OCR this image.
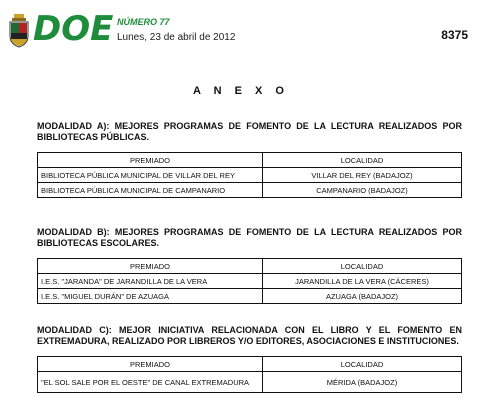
DOE NÚMERO 77
Lunes, 23 de abril de 2012	8375
A N E X O
MODALIDAD A): MEJORES PROGRAMAS DE FOMENTO DE LA LECTURA REALIZADOS POR BIBLIOTECAS PÚBLICAS.
PREMIADO	LOCALIDAD
BIBLIOTECA PÚBLICA MUNICIPAL DE VILLAR DEL REY	VILLAR DEL REY (BADAJOZ)
BIBLIOTECA PÚBLICA MUNICIPAL DE CAMPANARIO	CAMPANARIO (BADAJOZ)
MODALIDAD B): MEJORES PROGRAMAS DE FOMENTO DE LA LECTURA REALIZADOS POR BIBLIOTECAS ESCOLARES.
PREMIADO	LOCALIDAD
I.E.S. "JARANDA" DE JARANDILLA DE LA VERA	JARANDILLA DE LA VERA (CÁCERES)
I.E.S. "MIGUEL DURÁN" DE AZUAGA	AZUAGA (BADAJOZ)
MODALIDAD C): MEJOR INICIATIVA RELACIONADA CON EL LIBRO Y EL FOMENTO EN EXTREMADURA, REALIZADO POR LIBREROS Y/O EDITORES, ASOCIACIONES E INSTITUCIONES.
PREMIADO	LOCALIDAD
"EL SOL SALE POR EL OESTE" DE CANAL EXTREMADURA	MÉRIDA (BADAJOZ)
